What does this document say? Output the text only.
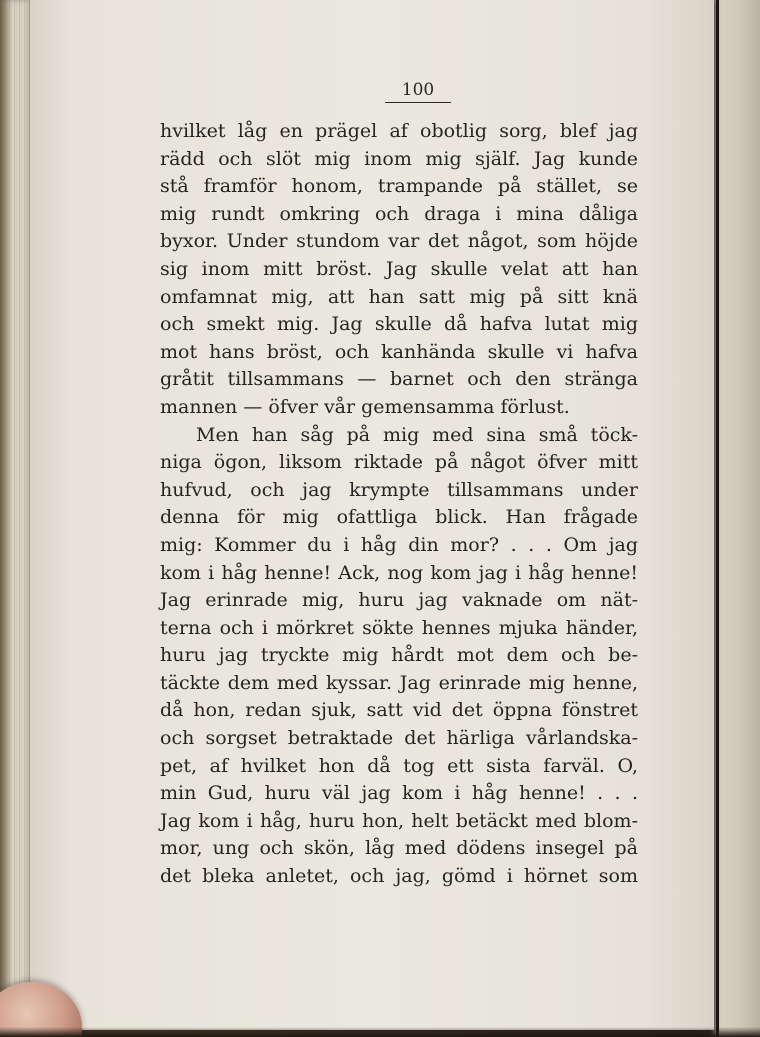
100
hvilket låg en prägel af obotlig sorg, blef jag
rädd och slöt mig inom mig själf. Jag kunde
stå framför honom, trampande på stället, se
mig rundt omkring och draga i mina dåliga
byxor. Under stundom var det något, som höjde
sig inom mitt bröst. Jag skulle velat att han
omfamnat mig, att han satt mig på sitt knä
och smekt mig. Jag skulle då hafva lutat mig
mot hans bröst, och kanhända skulle vi hafva
gråtit tillsammans — barnet och den stränga
mannen — öfver vår gemensamma förlust.
Men han såg på mig med sina små töck-
niga ögon, liksom riktade på något öfver mitt
hufvud, och jag krympte tillsammans under
denna för mig ofattliga blick. Han frågade
mig: Kommer du i håg din mor? . . . Om jag
kom i håg henne! Ack, nog kom jag i håg henne!
Jag erinrade mig, huru jag vaknade om nät-
terna och i mörkret sökte hennes mjuka händer,
huru jag tryckte mig hårdt mot dem och be-
täckte dem med kyssar. Jag erinrade mig henne,
då hon, redan sjuk, satt vid det öppna fönstret
och sorgset betraktade det härliga vårlandska-
pet, af hvilket hon då tog ett sista farväl. O,
min Gud, huru väl jag kom i håg henne! . . .
Jag kom i håg, huru hon, helt betäckt med blom-
mor, ung och skön, låg med dödens insegel på
det bleka anletet, och jag, gömd i hörnet som
